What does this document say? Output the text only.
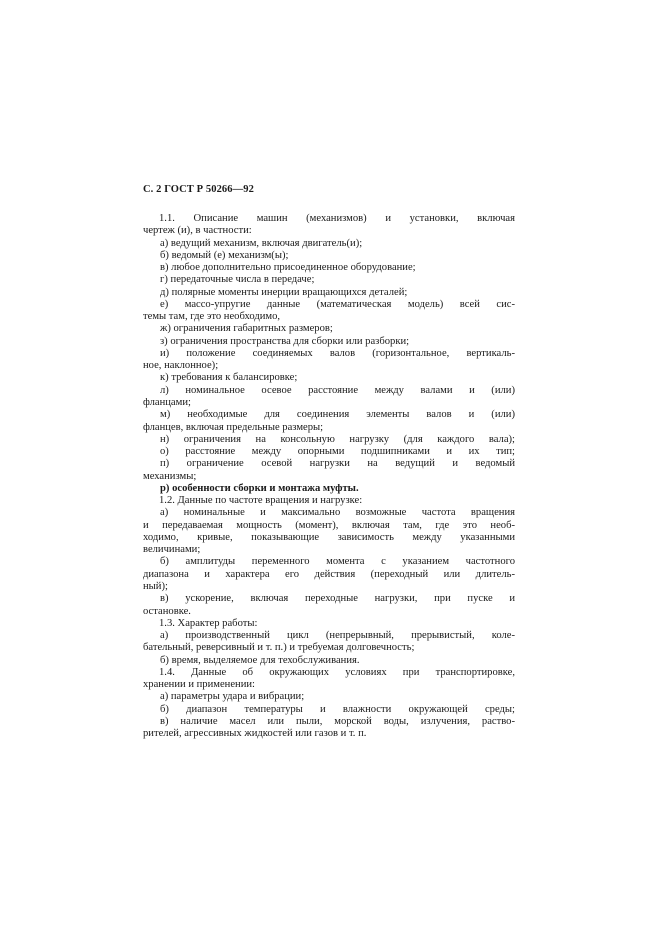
С. 2 ГОСТ Р 50266—92
1.1. Описание машин (механизмов) и установки, включая
чертеж (и), в частности:
а) ведущий механизм, включая двигатель(и);
б) ведомый (е) механизм(ы);
в) любое дополнительно присоединенное оборудование;
г) передаточные числа в передаче;
д) полярные моменты инерции вращающихся деталей;
е) массо-упругие данные (математическая модель) всей сис-
темы там, где это необходимо,
ж) ограничения габаритных размеров;
з) ограничения пространства для сборки или разборки;
и) положение соединяемых валов (горизонтальное, вертикаль-
ное, наклонное);
к) требования к балансировке;
л) номинальное осевое расстояние между валами и (или)
фланцами;
м) необходимые для соединения элементы валов и (или)
фланцев, включая предельные размеры;
н) ограничения на консольную нагрузку (для каждого вала);
о) расстояние между опорными подшипниками и их тип;
п) ограничение осевой нагрузки на ведущий и ведомый
механизмы;
р) особенности сборки и монтажа муфты.
1.2. Данные по частоте вращения и нагрузке:
а) номинальные и максимально возможные частота вращения
и передаваемая мощность (момент), включая там, где это необ-
ходимо, кривые, показывающие зависимость между указанными
величинами;
б) амплитуды переменного момента с указанием частотного
диапазона и характера его действия (переходный или длитель-
ный);
в) ускорение, включая переходные нагрузки, при пуске и
остановке.
1.3. Характер работы:
а) производственный цикл (непрерывный, прерывистый, коле-
бательный, реверсивный и т. п.) и требуемая долговечность;
б) время, выделяемое для техобслуживания.
1.4. Данные об окружающих условиях при транспортировке,
хранении и применении:
а) параметры удара и вибрации;
б) диапазон температуры и влажности окружающей среды;
в) наличие масел или пыли, морской воды, излучения, раство-
рителей, агрессивных жидкостей или газов и т. п.
